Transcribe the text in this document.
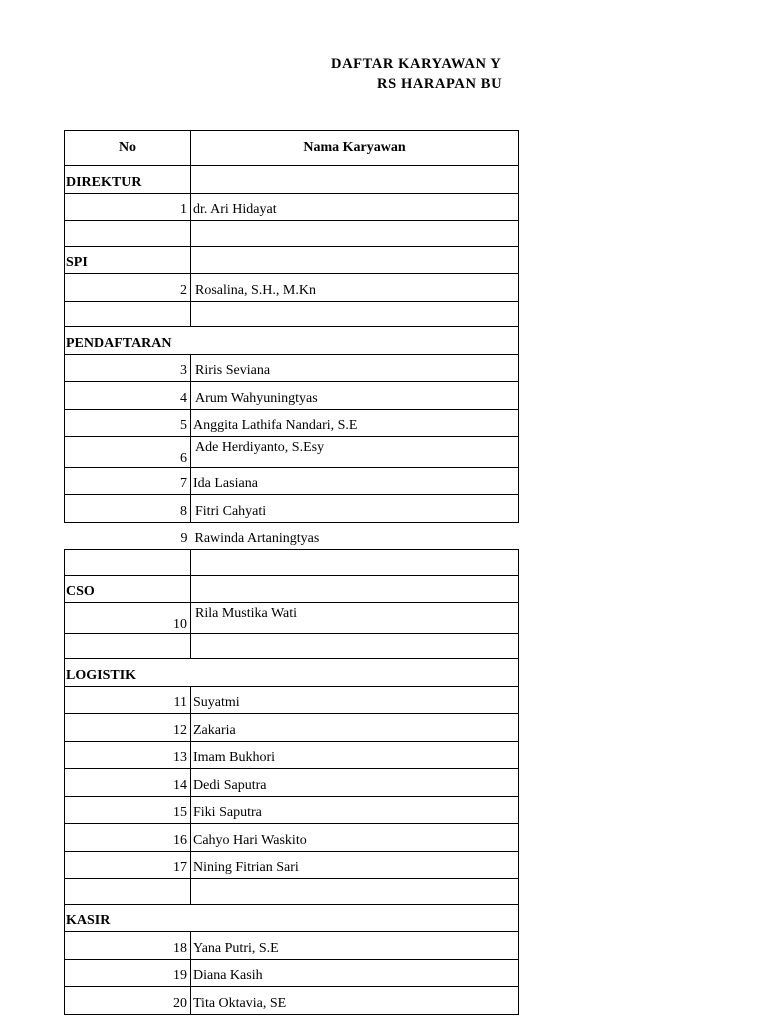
DAFTAR KARYAWAN Y
RS HARAPAN BU
No	Nama Karyawan
DIREKTUR	
1	dr. Ari Hidayat

SPI	
2	Rosalina, S.H., M.Kn

PENDAFTARAN	
3	Riris Seviana
4	Arum Wahyuningtyas
5	Anggita Lathifa Nandari, S.E
6	Ade Herdiyanto, S.Esy
7	Ida Lasiana
8	Fitri Cahyati
9	Rawinda Artaningtyas

CSO	
10	Rila Mustika Wati

LOGISTIK	
11	Suyatmi
12	Zakaria
13	Imam Bukhori
14	Dedi Saputra
15	Fiki Saputra
16	Cahyo Hari Waskito
17	Nining Fitrian Sari

KASIR	
18	Yana Putri, S.E
19	Diana Kasih
20	Tita Oktavia, SE
